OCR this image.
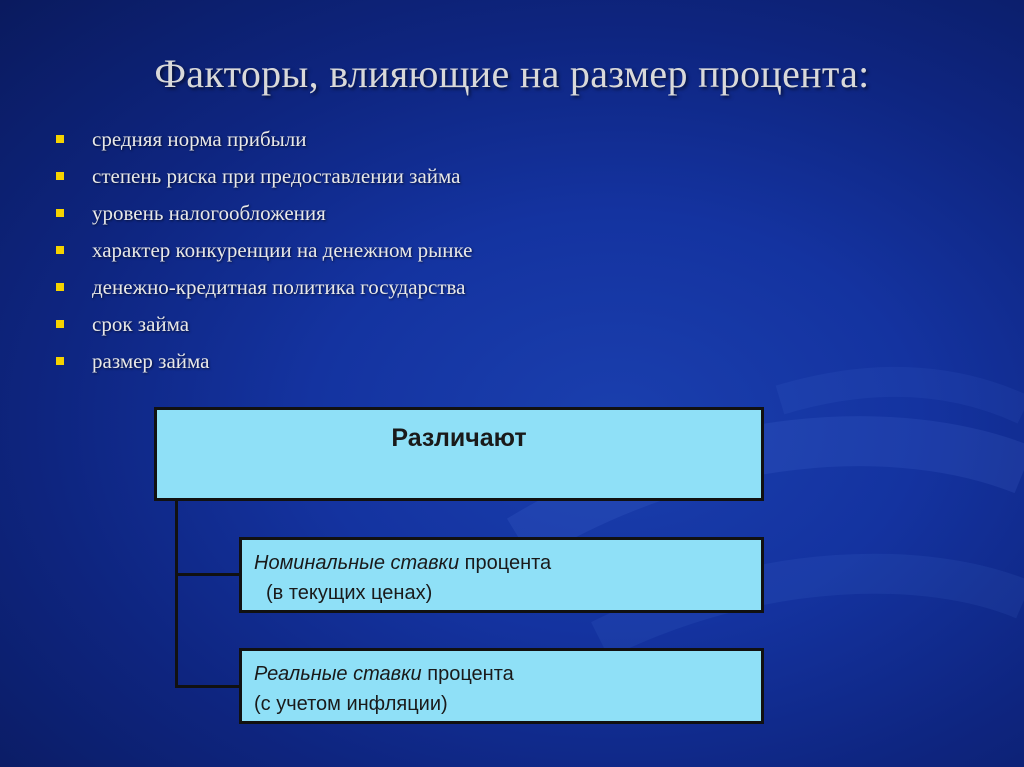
Факторы, влияющие на размер процента:
средняя норма прибыли
степень риска при предоставлении займа
уровень налогообложения
характер конкуренции на денежном рынке
денежно-кредитная политика государства
срок займа
размер займа
Различают
Номинальные ставки процента
(в текущих ценах)
Реальные ставки процента
(с учетом инфляции)
